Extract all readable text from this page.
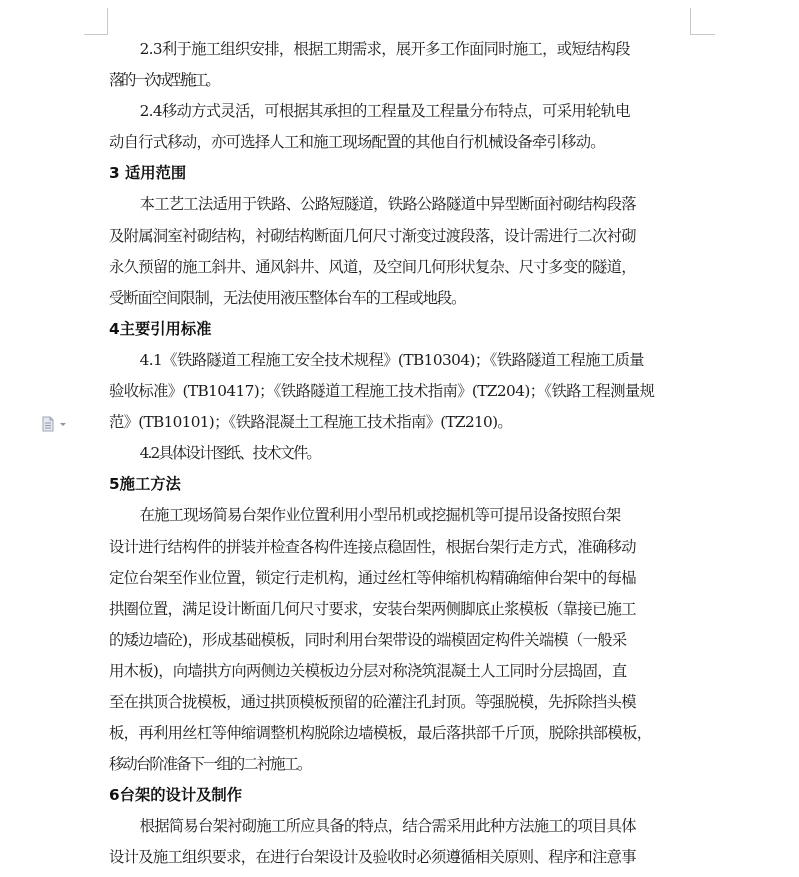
2.3利于施工组织安排，根据工期需求，展开多工作面同时施工，或短结构段
落的一次成型施工。

2.4移动方式灵活，可根据其承担的工程量及工程量分布特点，可采用轮轨电
动自行式移动，亦可选择人工和施工现场配置的其他自行机械设备牵引移动。

3 适用范围

本工艺工法适用于铁路、公路短隧道，铁路公路隧道中异型断面衬砌结构段落
及附属洞室衬砌结构，衬砌结构断面几何尺寸渐变过渡段落，设计需进行二次衬砌
永久预留的施工斜井、通风斜井、风道，及空间几何形状复杂、尺寸多变的隧道，
受断面空间限制，无法使用液压整体台车的工程或地段。

4主要引用标准

4.1《铁路隧道工程施工安全技术规程》(TB10304)；《铁路隧道工程施工质量
验收标准》(TB10417)；《铁路隧道工程施工技术指南》(TZ204)；《铁路工程测量规
范》(TB10101)；《铁路混凝土工程施工技术指南》(TZ210)。

4.2具体设计图纸、技术文件。

5施工方法

在施工现场简易台架作业位置利用小型吊机或挖掘机等可提吊设备按照台架
设计进行结构件的拼装并检查各构件连接点稳固性，根据台架行走方式，准确移动
定位台架至作业位置，锁定行走机构，通过丝杠等伸缩机构精确缩伸台架中的每榀
拱圈位置，满足设计断面几何尺寸要求，安装台架两侧脚底止浆模板（靠接已施工
的矮边墙砼)，形成基础模板，同时利用台架带设的端模固定构件关端模（一般采
用木板)，向墙拱方向两侧边关模板边分层对称浇筑混凝土人工同时分层捣固，直
至在拱顶合拢模板，通过拱顶模板预留的砼灌注孔封顶。等强脱模，先拆除挡头模
板，再利用丝杠等伸缩调整机构脱除边墙模板，最后落拱部千斤顶，脱除拱部模板，
移动台阶准备下一组的二衬施工。

6台架的设计及制作

根据简易台架衬砌施工所应具备的特点，结合需采用此种方法施工的项目具体
设计及施工组织要求，在进行台架设计及验收时必须遵循相关原则、程序和注意事
